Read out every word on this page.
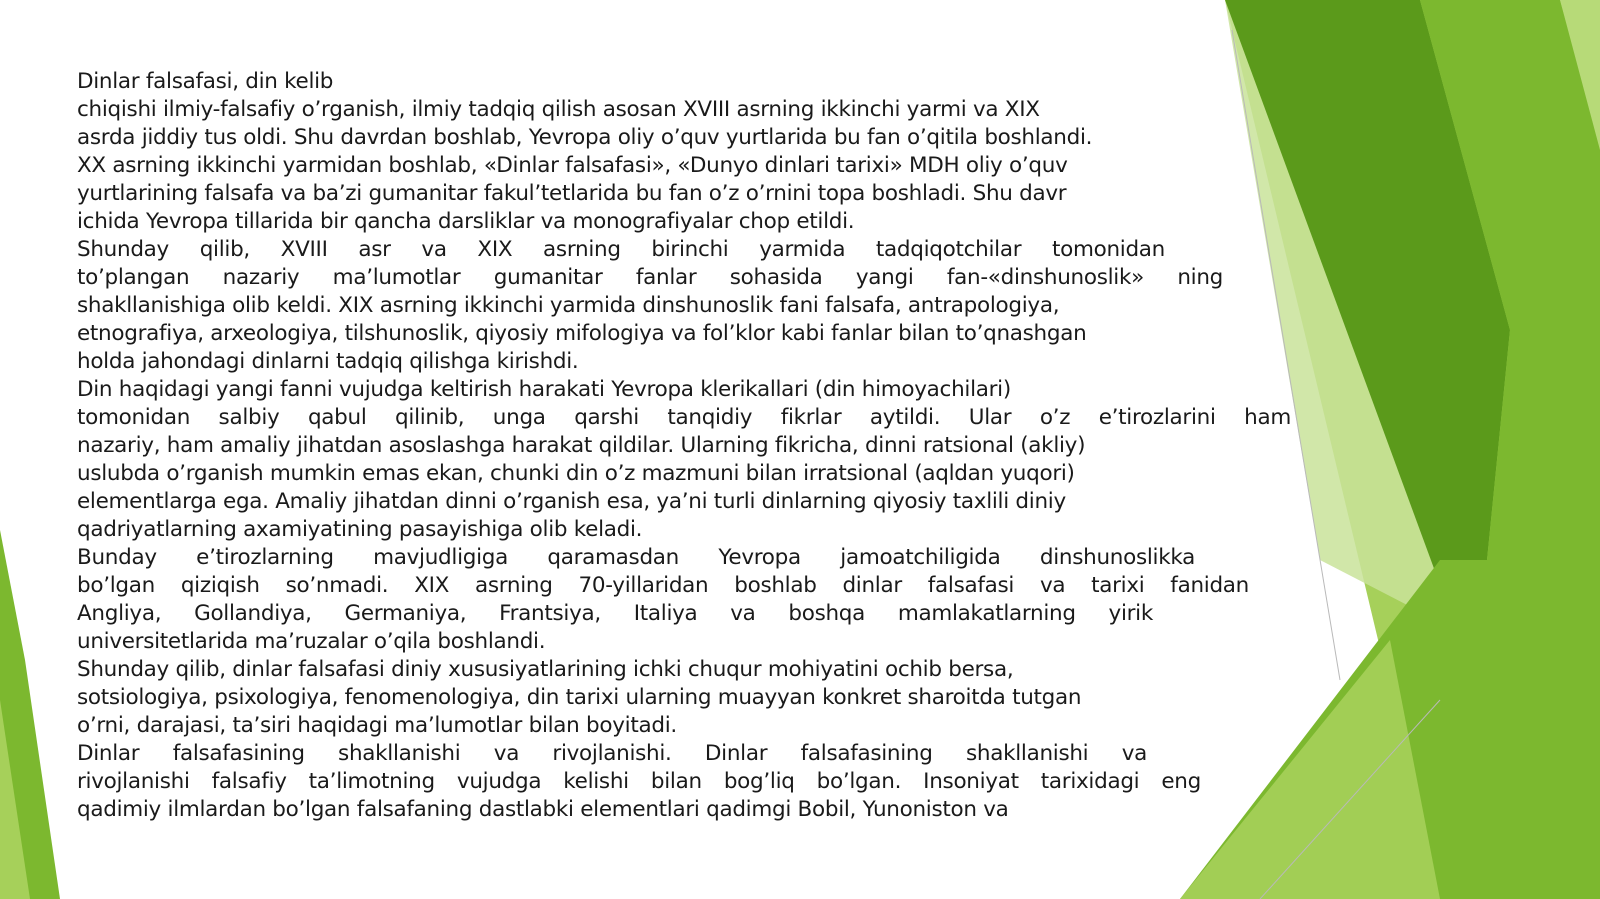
Dinlar falsafasi, din kelib
chiqishi ilmiy-falsafiy o’rganish, ilmiy tadqiq qilish asosan XVIII asrning ikkinchi yarmi va XIX
asrda jiddiy tus oldi. Shu davrdan boshlab, Yevropa oliy o’quv yurtlarida bu fan o’qitila boshlandi.
XX asrning ikkinchi yarmidan boshlab, «Dinlar falsafasi», «Dunyo dinlari tarixi» MDH oliy o’quv
yurtlarining falsafa va ba’zi gumanitar fakul’tetlarida bu fan o’z o’rnini topa boshladi. Shu davr
ichida Yevropa tillarida bir qancha darsliklar va monografiyalar chop etildi.
Shunday qilib, XVIII asr va XIX asrning birinchi yarmida tadqiqotchilar tomonidan
to’plangan nazariy ma’lumotlar gumanitar fanlar sohasida yangi fan-«dinshunoslik» ning
shakllanishiga olib keldi. XIX asrning ikkinchi yarmida dinshunoslik fani falsafa, antrapologiya,
etnografiya, arxeologiya, tilshunoslik, qiyosiy mifologiya va fol’klor kabi fanlar bilan to’qnashgan
holda jahondagi dinlarni tadqiq qilishga kirishdi.
Din haqidagi yangi fanni vujudga keltirish harakati Yevropa klerikallari (din himoyachilari)
tomonidan salbiy qabul qilinib, unga qarshi tanqidiy fikrlar aytildi. Ular o’z e’tirozlarini ham
nazariy, ham amaliy jihatdan asoslashga harakat qildilar. Ularning fikricha, dinni ratsional (akliy)
uslubda o’rganish mumkin emas ekan, chunki din o’z mazmuni bilan irratsional (aqldan yuqori)
elementlarga ega. Amaliy jihatdan dinni o’rganish esa, ya’ni turli dinlarning qiyosiy taxlili diniy
qadriyatlarning axamiyatining pasayishiga olib keladi.
Bunday e’tirozlarning mavjudligiga qaramasdan Yevropa jamoatchiligida dinshunoslikka
bo’lgan qiziqish so’nmadi. XIX asrning 70-yillaridan boshlab dinlar falsafasi va tarixi fanidan
Angliya, Gollandiya, Germaniya, Frantsiya, Italiya va boshqa mamlakatlarning yirik
universitetlarida ma’ruzalar o’qila boshlandi.
Shunday qilib, dinlar falsafasi diniy xususiyatlarining ichki chuqur mohiyatini ochib bersa,
sotsiologiya, psixologiya, fenomenologiya, din tarixi ularning muayyan konkret sharoitda tutgan
o’rni, darajasi, ta’siri haqidagi ma’lumotlar bilan boyitadi.
Dinlar falsafasining shakllanishi va rivojlanishi. Dinlar falsafasining shakllanishi va
rivojlanishi falsafiy ta’limotning vujudga kelishi bilan bog’liq bo’lgan. Insoniyat tarixidagi eng
qadimiy ilmlardan bo’lgan falsafaning dastlabki elementlari qadimgi Bobil, Yunoniston va
